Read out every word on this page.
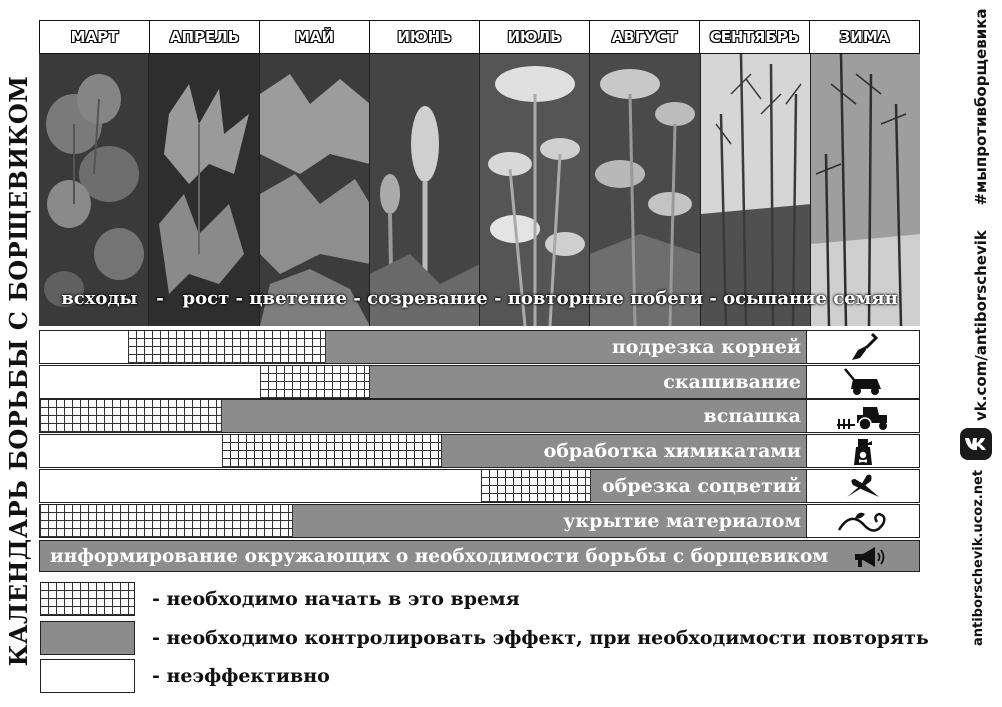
КАЛЕНДАРЬ БОРЬБЫ С БОРЩЕВИКОМ	#мыпротивборщевика
vk.com/antiborschevik
antiborschevik.ucoz.net
МАРТ	АПРЕЛЬ	МАЙ	ИЮНЬ	ИЮЛЬ	АВГУСТ	СЕНТЯБРЬ	ЗИМА
всходы   -   рост - цветение - созревание - повторные побеги - осыпание семян
подрезка корней
скашивание
вспашка
обработка химикатами
обрезка соцветий
укрытие материалом
информирование окружающих о необходимости борьбы с борщевиком
- необходимо начать в это время
- необходимо контролировать эффект, при необходимости повторять
- неэффективно
